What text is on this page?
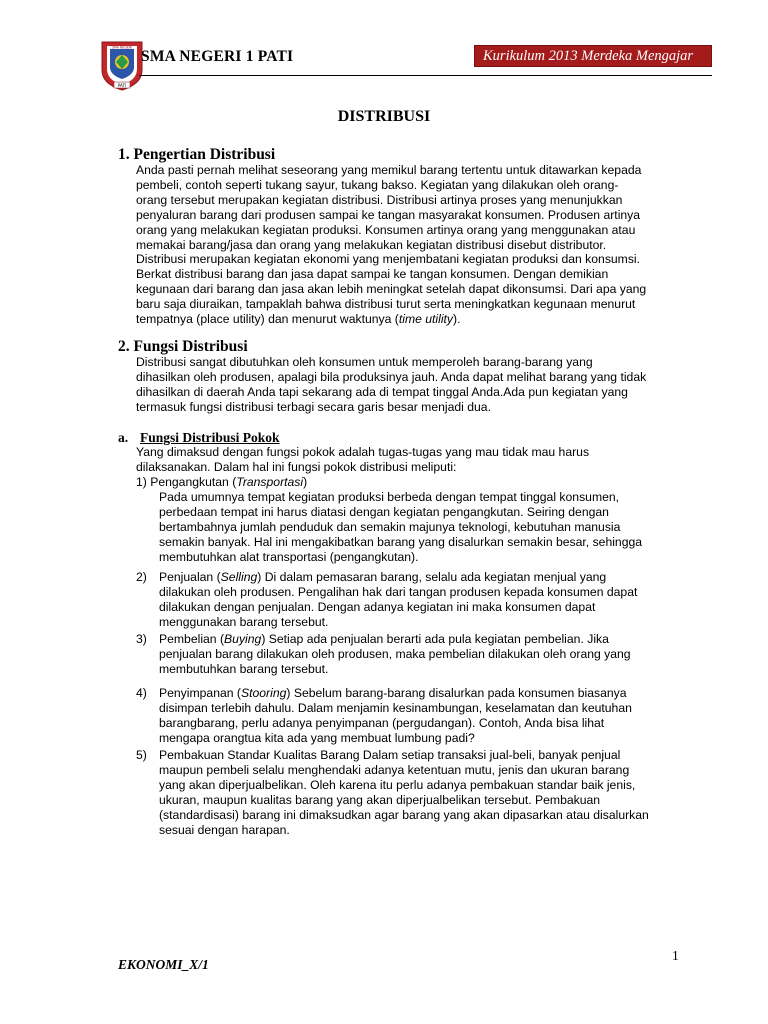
SMA NEGERI
PATI
SMA NEGERI 1 PATI	Kurikulum 2013 Merdeka Mengajar
DISTRIBUSI
1. Pengertian Distribusi

Anda pasti pernah melihat seseorang yang memikul barang tertentu untuk ditawarkan kepada

pembeli, contoh seperti tukang sayur, tukang bakso. Kegiatan yang dilakukan oleh orang-

orang tersebut merupakan kegiatan distribusi. Distribusi artinya proses yang menunjukkan

penyaluran barang dari produsen sampai ke tangan masyarakat konsumen. Produsen artinya

orang yang melakukan kegiatan produksi. Konsumen artinya orang yang menggunakan atau

memakai barang/jasa dan orang yang melakukan kegiatan distribusi disebut distributor.

Distribusi merupakan kegiatan ekonomi yang menjembatani kegiatan produksi dan konsumsi.

Berkat distribusi barang dan jasa dapat sampai ke tangan konsumen. Dengan demikian

kegunaan dari barang dan jasa akan lebih meningkat setelah dapat dikonsumsi. Dari apa yang

baru saja diuraikan, tampaklah bahwa distribusi turut serta meningkatkan kegunaan menurut

tempatnya (place utility) dan menurut waktunya (time utility).

2. Fungsi Distribusi

Distribusi sangat dibutuhkan oleh konsumen untuk memperoleh barang-barang yang

dihasilkan oleh produsen, apalagi bila produksinya jauh. Anda dapat melihat barang yang tidak

dihasilkan di daerah Anda tapi sekarang ada di tempat tinggal Anda.Ada pun kegiatan yang

termasuk fungsi distribusi terbagi secara garis besar menjadi dua.

a. Fungsi Distribusi Pokok

Yang dimaksud dengan fungsi pokok adalah tugas-tugas yang mau tidak mau harus

dilaksanakan. Dalam hal ini fungsi pokok distribusi meliputi:

1) Pengangkutan (Transportasi)

Pada umumnya tempat kegiatan produksi berbeda dengan tempat tinggal konsumen,

perbedaan tempat ini harus diatasi dengan kegiatan pengangkutan. Seiring dengan

bertambahnya jumlah penduduk dan semakin majunya teknologi, kebutuhan manusia

semakin banyak. Hal ini mengakibatkan barang yang disalurkan semakin besar, sehingga

membutuhkan alat transportasi (pengangkutan).

2) Penjualan (Selling) Di dalam pemasaran barang, selalu ada kegiatan menjual yang
dilakukan oleh produsen. Pengalihan hak dari tangan produsen kepada konsumen dapat
dilakukan dengan penjualan. Dengan adanya kegiatan ini maka konsumen dapat
menggunakan barang tersebut.
3) Pembelian (Buying) Setiap ada penjualan berarti ada pula kegiatan pembelian. Jika
penjualan barang dilakukan oleh produsen, maka pembelian dilakukan oleh orang yang
membutuhkan barang tersebut.
4) Penyimpanan (Stooring) Sebelum barang-barang disalurkan pada konsumen biasanya
disimpan terlebih dahulu. Dalam menjamin kesinambungan, keselamatan dan keutuhan
barangbarang, perlu adanya penyimpanan (pergudangan). Contoh, Anda bisa lihat
mengapa orangtua kita ada yang membuat lumbung padi?
5) Pembakuan Standar Kualitas Barang Dalam setiap transaksi jual-beli, banyak penjual
maupun pembeli selalu menghendaki adanya ketentuan mutu, jenis dan ukuran barang
yang akan diperjualbelikan. Oleh karena itu perlu adanya pembakuan standar baik jenis,
ukuran, maupun kualitas barang yang akan diperjualbelikan tersebut. Pembakuan
(standardisasi) barang ini dimaksudkan agar barang yang akan dipasarkan atau disalurkan
sesuai dengan harapan.
1
EKONOMI_X/1
